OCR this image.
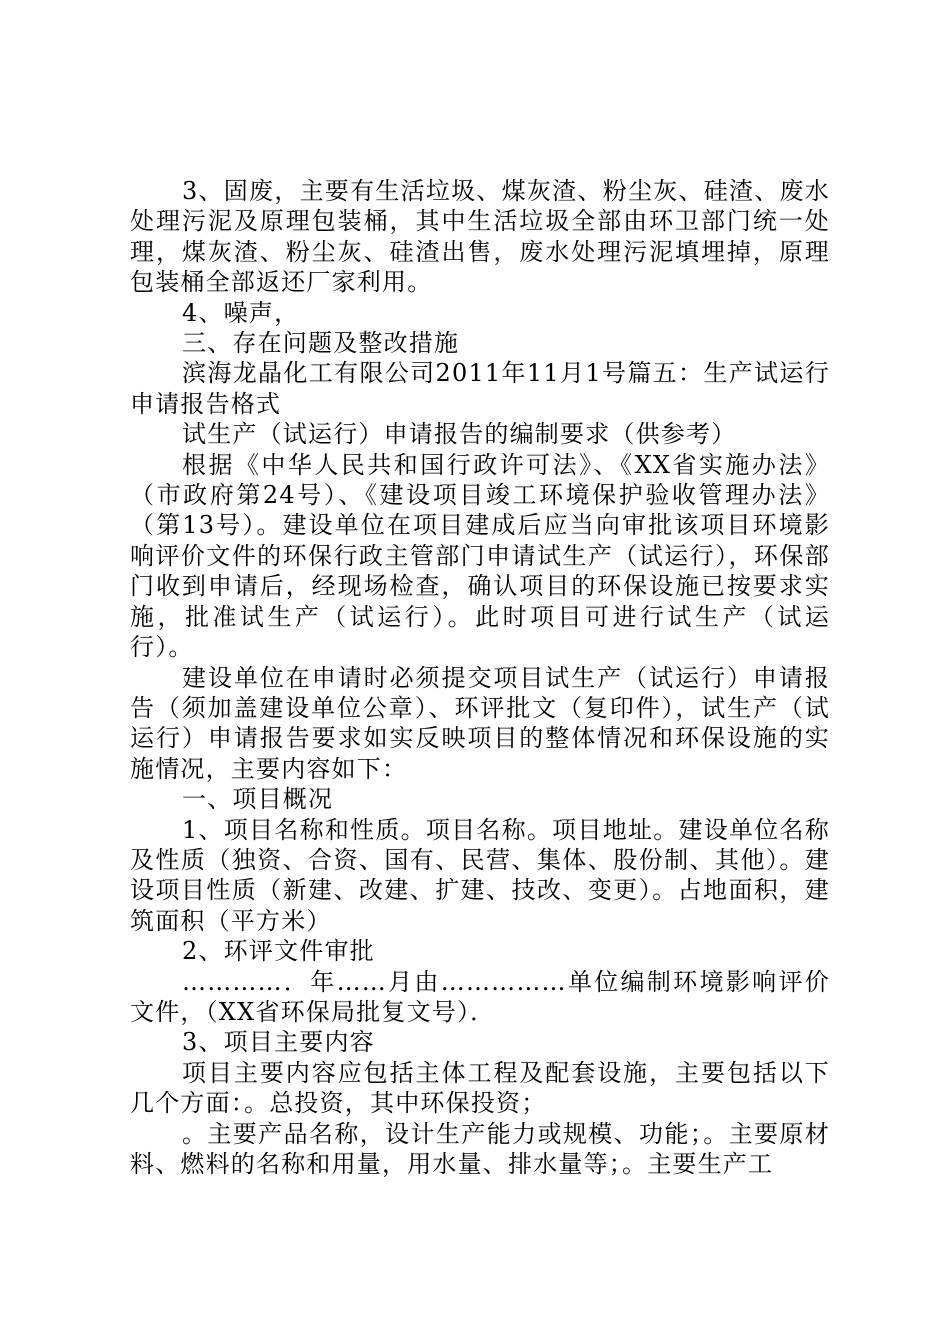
3、固废，主要有生活垃圾、煤灰渣、粉尘灰、硅渣、废水处理污泥及原理包装桶，其中生活垃圾全部由环卫部门统一处理，煤灰渣、粉尘灰、硅渣出售，废水处理污泥填埋掉，原理包装桶全部返还厂家利用。

4、噪声，

三、存在问题及整改措施

滨海龙晶化工有限公司2011年11月1号篇五：生产试运行申请报告格式

试生产（试运行）申请报告的编制要求（供参考）

根据《中华人民共和国行政许可法》、《XX省实施办法》（市政府第24号）、《建设项目竣工环境保护验收管理办法》（第13号）。建设单位在项目建成后应当向审批该项目环境影响评价文件的环保行政主管部门申请试生产（试运行），环保部门收到申请后，经现场检查，确认项目的环保设施已按要求实施，批准试生产（试运行）。此时项目可进行试生产（试运行）。

建设单位在申请时必须提交项目试生产（试运行）申请报告（须加盖建设单位公章）、环评批文（复印件），试生产（试运行）申请报告要求如实反映项目的整体情况和环保设施的实施情况，主要内容如下：

一、项目概况

1、项目名称和性质。项目名称。项目地址。建设单位名称及性质（独资、合资、国有、民营、集体、股份制、其他）。建设项目性质（新建、改建、扩建、技改、变更）。占地面积，建筑面积（平方米）

2、环评文件审批

…………．年……月由……………单位编制环境影响评价文件，（XX省环保局批复文号）．

3、项目主要内容

项目主要内容应包括主体工程及配套设施，主要包括以下几个方面：。总投资，其中环保投资；

。主要产品名称，设计生产能力或规模、功能；。主要原材料、燃料的名称和用量，用水量、排水量等；。主要生产工
